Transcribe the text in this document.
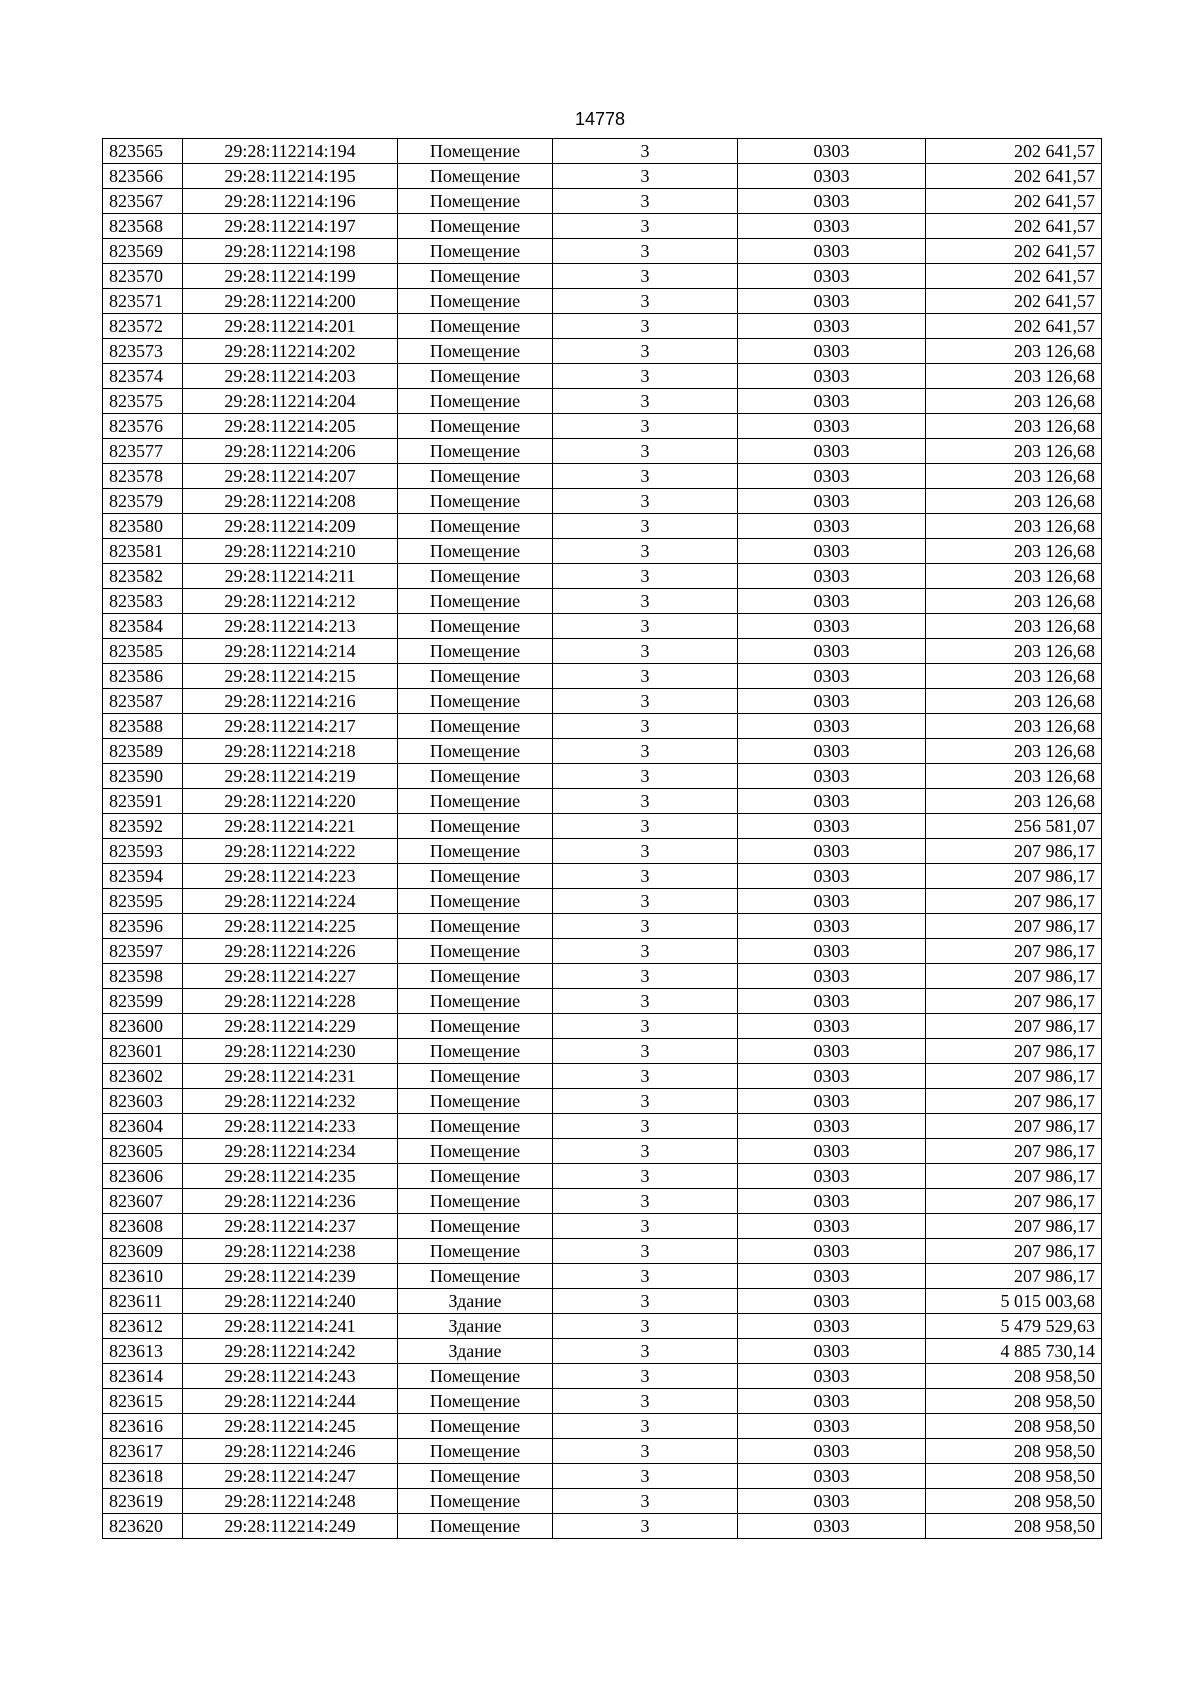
14778
823565	29:28:112214:194	Помещение	3	0303	202 641,57
823566	29:28:112214:195	Помещение	3	0303	202 641,57
823567	29:28:112214:196	Помещение	3	0303	202 641,57
823568	29:28:112214:197	Помещение	3	0303	202 641,57
823569	29:28:112214:198	Помещение	3	0303	202 641,57
823570	29:28:112214:199	Помещение	3	0303	202 641,57
823571	29:28:112214:200	Помещение	3	0303	202 641,57
823572	29:28:112214:201	Помещение	3	0303	202 641,57
823573	29:28:112214:202	Помещение	3	0303	203 126,68
823574	29:28:112214:203	Помещение	3	0303	203 126,68
823575	29:28:112214:204	Помещение	3	0303	203 126,68
823576	29:28:112214:205	Помещение	3	0303	203 126,68
823577	29:28:112214:206	Помещение	3	0303	203 126,68
823578	29:28:112214:207	Помещение	3	0303	203 126,68
823579	29:28:112214:208	Помещение	3	0303	203 126,68
823580	29:28:112214:209	Помещение	3	0303	203 126,68
823581	29:28:112214:210	Помещение	3	0303	203 126,68
823582	29:28:112214:211	Помещение	3	0303	203 126,68
823583	29:28:112214:212	Помещение	3	0303	203 126,68
823584	29:28:112214:213	Помещение	3	0303	203 126,68
823585	29:28:112214:214	Помещение	3	0303	203 126,68
823586	29:28:112214:215	Помещение	3	0303	203 126,68
823587	29:28:112214:216	Помещение	3	0303	203 126,68
823588	29:28:112214:217	Помещение	3	0303	203 126,68
823589	29:28:112214:218	Помещение	3	0303	203 126,68
823590	29:28:112214:219	Помещение	3	0303	203 126,68
823591	29:28:112214:220	Помещение	3	0303	203 126,68
823592	29:28:112214:221	Помещение	3	0303	256 581,07
823593	29:28:112214:222	Помещение	3	0303	207 986,17
823594	29:28:112214:223	Помещение	3	0303	207 986,17
823595	29:28:112214:224	Помещение	3	0303	207 986,17
823596	29:28:112214:225	Помещение	3	0303	207 986,17
823597	29:28:112214:226	Помещение	3	0303	207 986,17
823598	29:28:112214:227	Помещение	3	0303	207 986,17
823599	29:28:112214:228	Помещение	3	0303	207 986,17
823600	29:28:112214:229	Помещение	3	0303	207 986,17
823601	29:28:112214:230	Помещение	3	0303	207 986,17
823602	29:28:112214:231	Помещение	3	0303	207 986,17
823603	29:28:112214:232	Помещение	3	0303	207 986,17
823604	29:28:112214:233	Помещение	3	0303	207 986,17
823605	29:28:112214:234	Помещение	3	0303	207 986,17
823606	29:28:112214:235	Помещение	3	0303	207 986,17
823607	29:28:112214:236	Помещение	3	0303	207 986,17
823608	29:28:112214:237	Помещение	3	0303	207 986,17
823609	29:28:112214:238	Помещение	3	0303	207 986,17
823610	29:28:112214:239	Помещение	3	0303	207 986,17
823611	29:28:112214:240	Здание	3	0303	5 015 003,68
823612	29:28:112214:241	Здание	3	0303	5 479 529,63
823613	29:28:112214:242	Здание	3	0303	4 885 730,14
823614	29:28:112214:243	Помещение	3	0303	208 958,50
823615	29:28:112214:244	Помещение	3	0303	208 958,50
823616	29:28:112214:245	Помещение	3	0303	208 958,50
823617	29:28:112214:246	Помещение	3	0303	208 958,50
823618	29:28:112214:247	Помещение	3	0303	208 958,50
823619	29:28:112214:248	Помещение	3	0303	208 958,50
823620	29:28:112214:249	Помещение	3	0303	208 958,50
